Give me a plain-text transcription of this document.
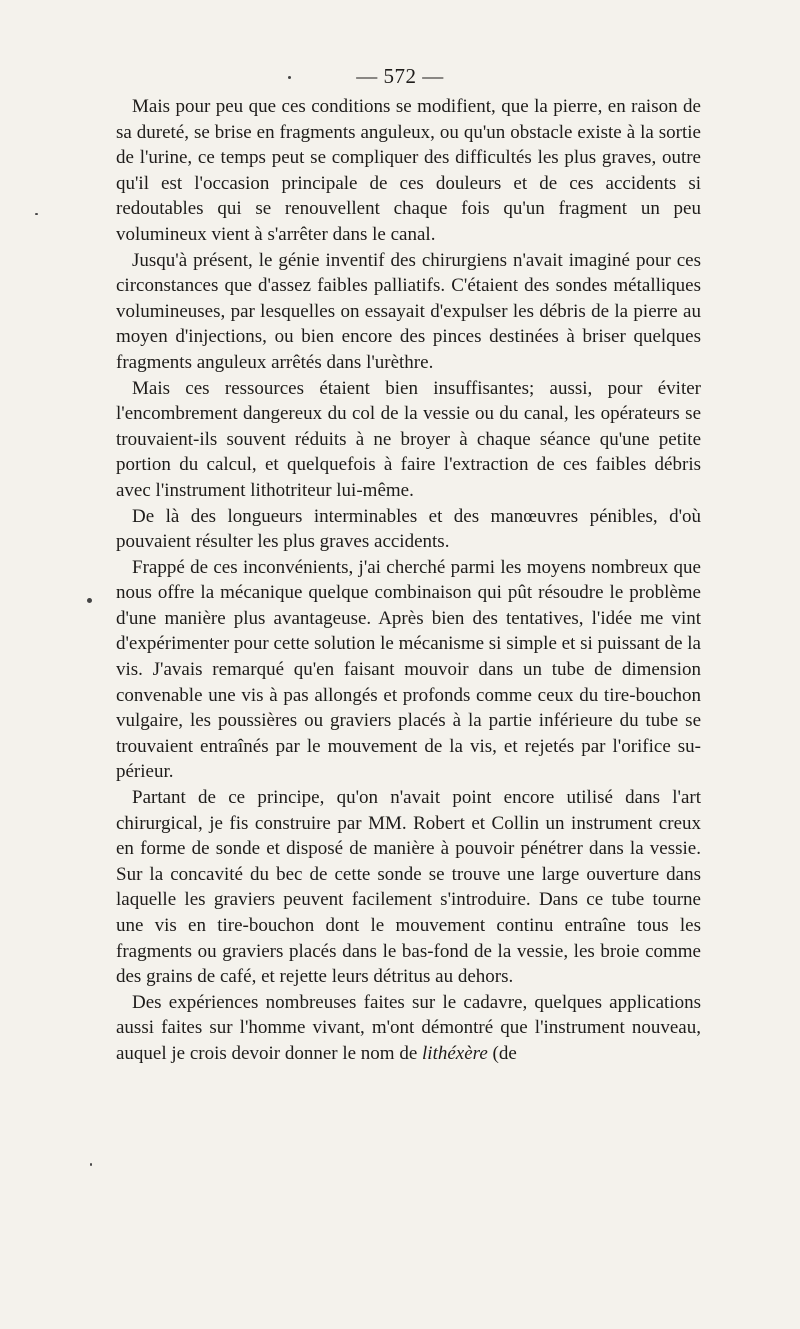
— 572 —

Mais pour peu que ces conditions se modifient, que la pierre, en raison de sa dureté, se brise en fragments anguleux, ou qu'un obstacle existe à la sortie de l'urine, ce temps peut se compliquer des difficultés les plus graves, outre qu'il est l'occasion principale de ces douleurs et de ces accidents si redoutables qui se renouvellent chaque fois qu'un fragment un peu volumineux vient à s'arrêter dans le canal.

Jusqu'à présent, le génie inventif des chirurgiens n'avait imaginé pour ces circonstances que d'assez faibles palliatifs. C'étaient des sondes métalliques volumineuses, par lesquelles on essayait d'expulser les débris de la pierre au moyen d'injections, ou bien encore des pinces destinées à briser quelques fragments anguleux arrêtés dans l'urèthre.

Mais ces ressources étaient bien insuffisantes; aussi, pour éviter l'encombrement dangereux du col de la vessie ou du canal, les opérateurs se trouvaient-ils souvent réduits à ne broyer à chaque séance qu'une petite portion du calcul, et quelquefois à faire l'extraction de ces faibles débris avec l'instrument lithotriteur lui-même.

De là des longueurs interminables et des manœuvres pénibles, d'où pouvaient résulter les plus graves accidents.

Frappé de ces inconvénients, j'ai cherché parmi les moyens nombreux que nous offre la mécanique quelque combinaison qui pût résoudre le problème d'une manière plus avantageuse. Après bien des tentatives, l'idée me vint d'expérimenter pour cette solution le mécanisme si simple et si puissant de la vis. J'avais remarqué qu'en faisant mouvoir dans un tube de dimension convenable une vis à pas allongés et profonds comme ceux du tire-bouchon vulgaire, les poussières ou graviers placés à la partie inférieure du tube se trouvaient entraînés par le mouvement de la vis, et rejetés par l'orifice supérieur.

Partant de ce principe, qu'on n'avait point encore utilisé dans l'art chirurgical, je fis construire par MM. Robert et Collin un instrument creux en forme de sonde et disposé de manière à pouvoir pénétrer dans la vessie. Sur la concavité du bec de cette sonde se trouve une large ouverture dans laquelle les graviers peuvent facilement s'introduire. Dans ce tube tourne une vis en tire-bouchon dont le mouvement continu entraîne tous les fragments ou graviers placés dans le bas-fond de la vessie, les broie comme des grains de café, et rejette leurs détritus au dehors.

Des expériences nombreuses faites sur le cadavre, quelques applications aussi faites sur l'homme vivant, m'ont démontré que l'instrument nouveau, auquel je crois devoir donner le nom de lithéxère (de
